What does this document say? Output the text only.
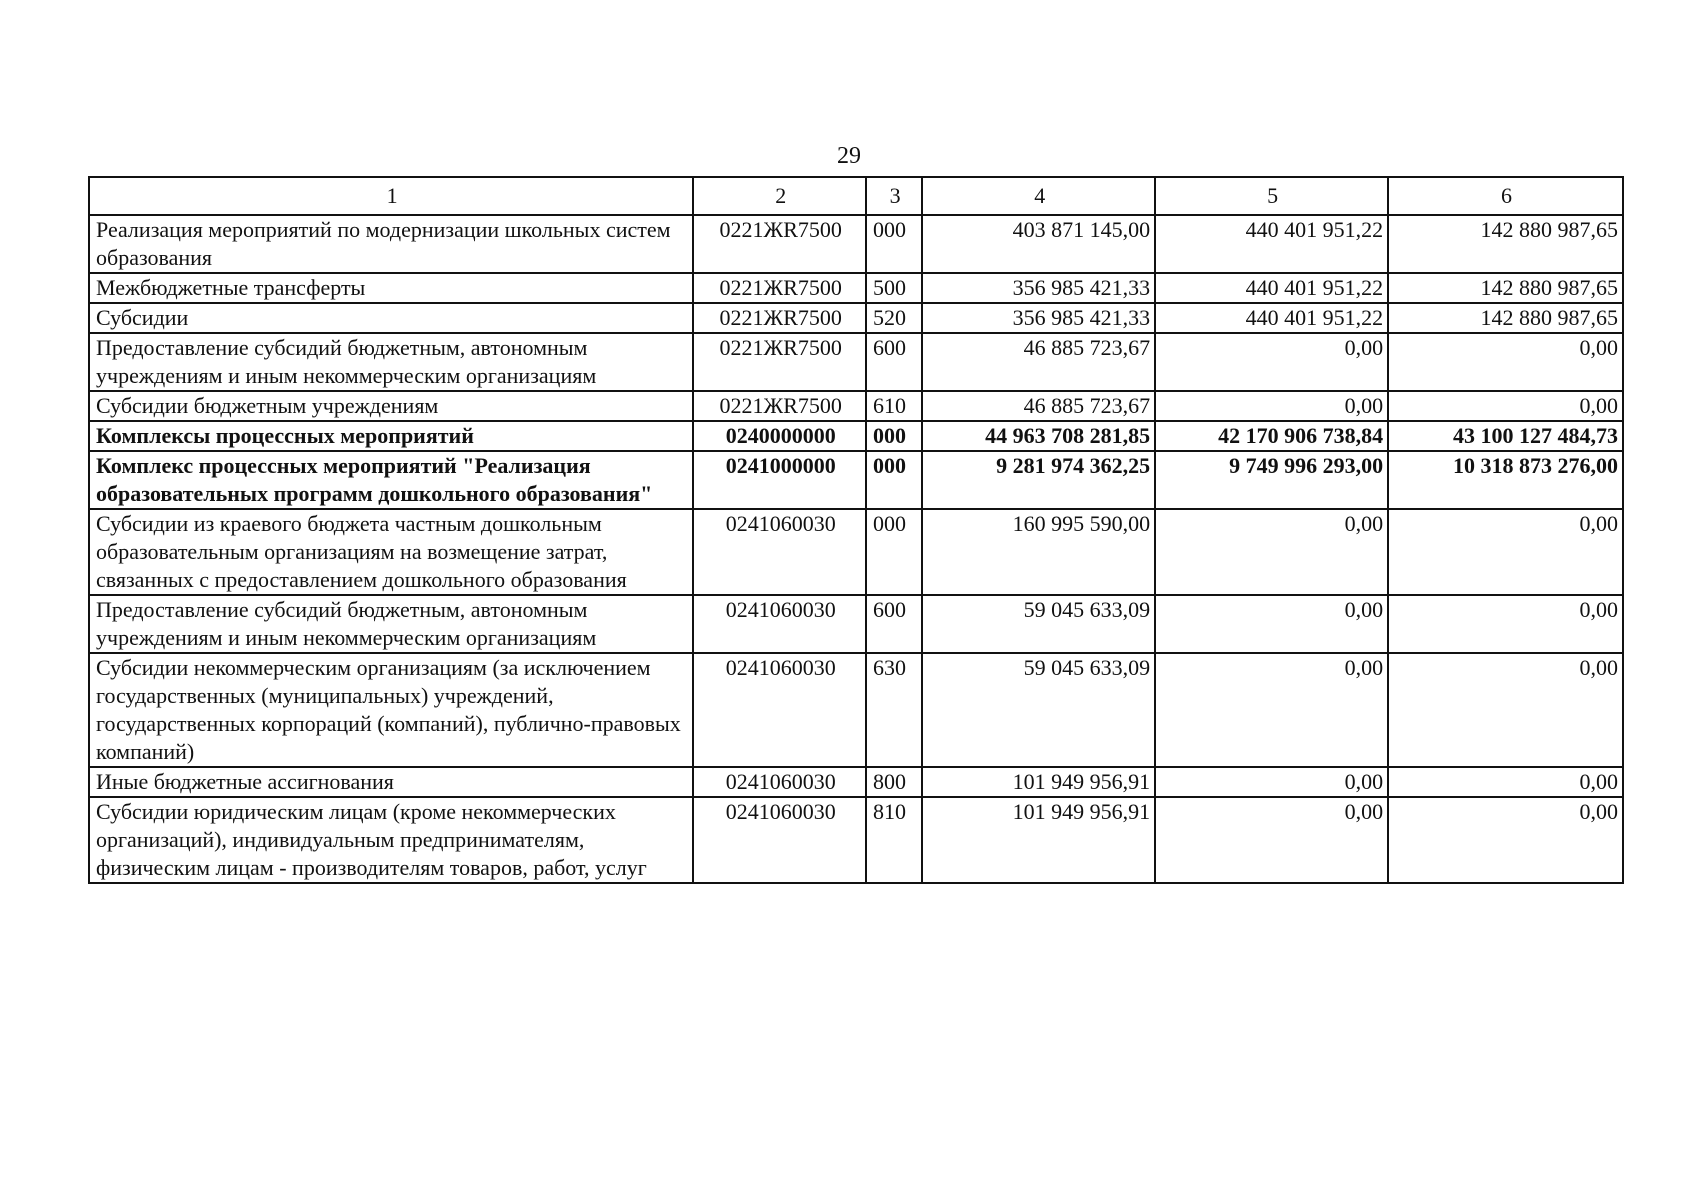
29
1	2	3	4	5	6
Реализация мероприятий по модернизации школьных систем образования	0221ЖR7500	000	403 871 145,00	440 401 951,22	142 880 987,65
Межбюджетные трансферты	0221ЖR7500	500	356 985 421,33	440 401 951,22	142 880 987,65
Субсидии	0221ЖR7500	520	356 985 421,33	440 401 951,22	142 880 987,65
Предоставление субсидий бюджетным, автономным учреждениям и иным некоммерческим организациям	0221ЖR7500	600	46 885 723,67	0,00	0,00
Субсидии бюджетным учреждениям	0221ЖR7500	610	46 885 723,67	0,00	0,00
Комплексы процессных мероприятий	0240000000	000	44 963 708 281,85	42 170 906 738,84	43 100 127 484,73
Комплекс процессных мероприятий "Реализация образовательных программ дошкольного образования"	0241000000	000	9 281 974 362,25	9 749 996 293,00	10 318 873 276,00
Субсидии из краевого бюджета частным дошкольным образовательным организациям на возмещение затрат, связанных с предоставлением дошкольного образования	0241060030	000	160 995 590,00	0,00	0,00
Предоставление субсидий бюджетным, автономным учреждениям и иным некоммерческим организациям	0241060030	600	59 045 633,09	0,00	0,00
Субсидии некоммерческим организациям (за исключением государственных (муниципальных) учреждений, государственных корпораций (компаний), публично-правовых компаний)	0241060030	630	59 045 633,09	0,00	0,00
Иные бюджетные ассигнования	0241060030	800	101 949 956,91	0,00	0,00
Субсидии юридическим лицам (кроме некоммерческих организаций), индивидуальным предпринимателям, физическим лицам - производителям товаров, работ, услуг	0241060030	810	101 949 956,91	0,00	0,00
